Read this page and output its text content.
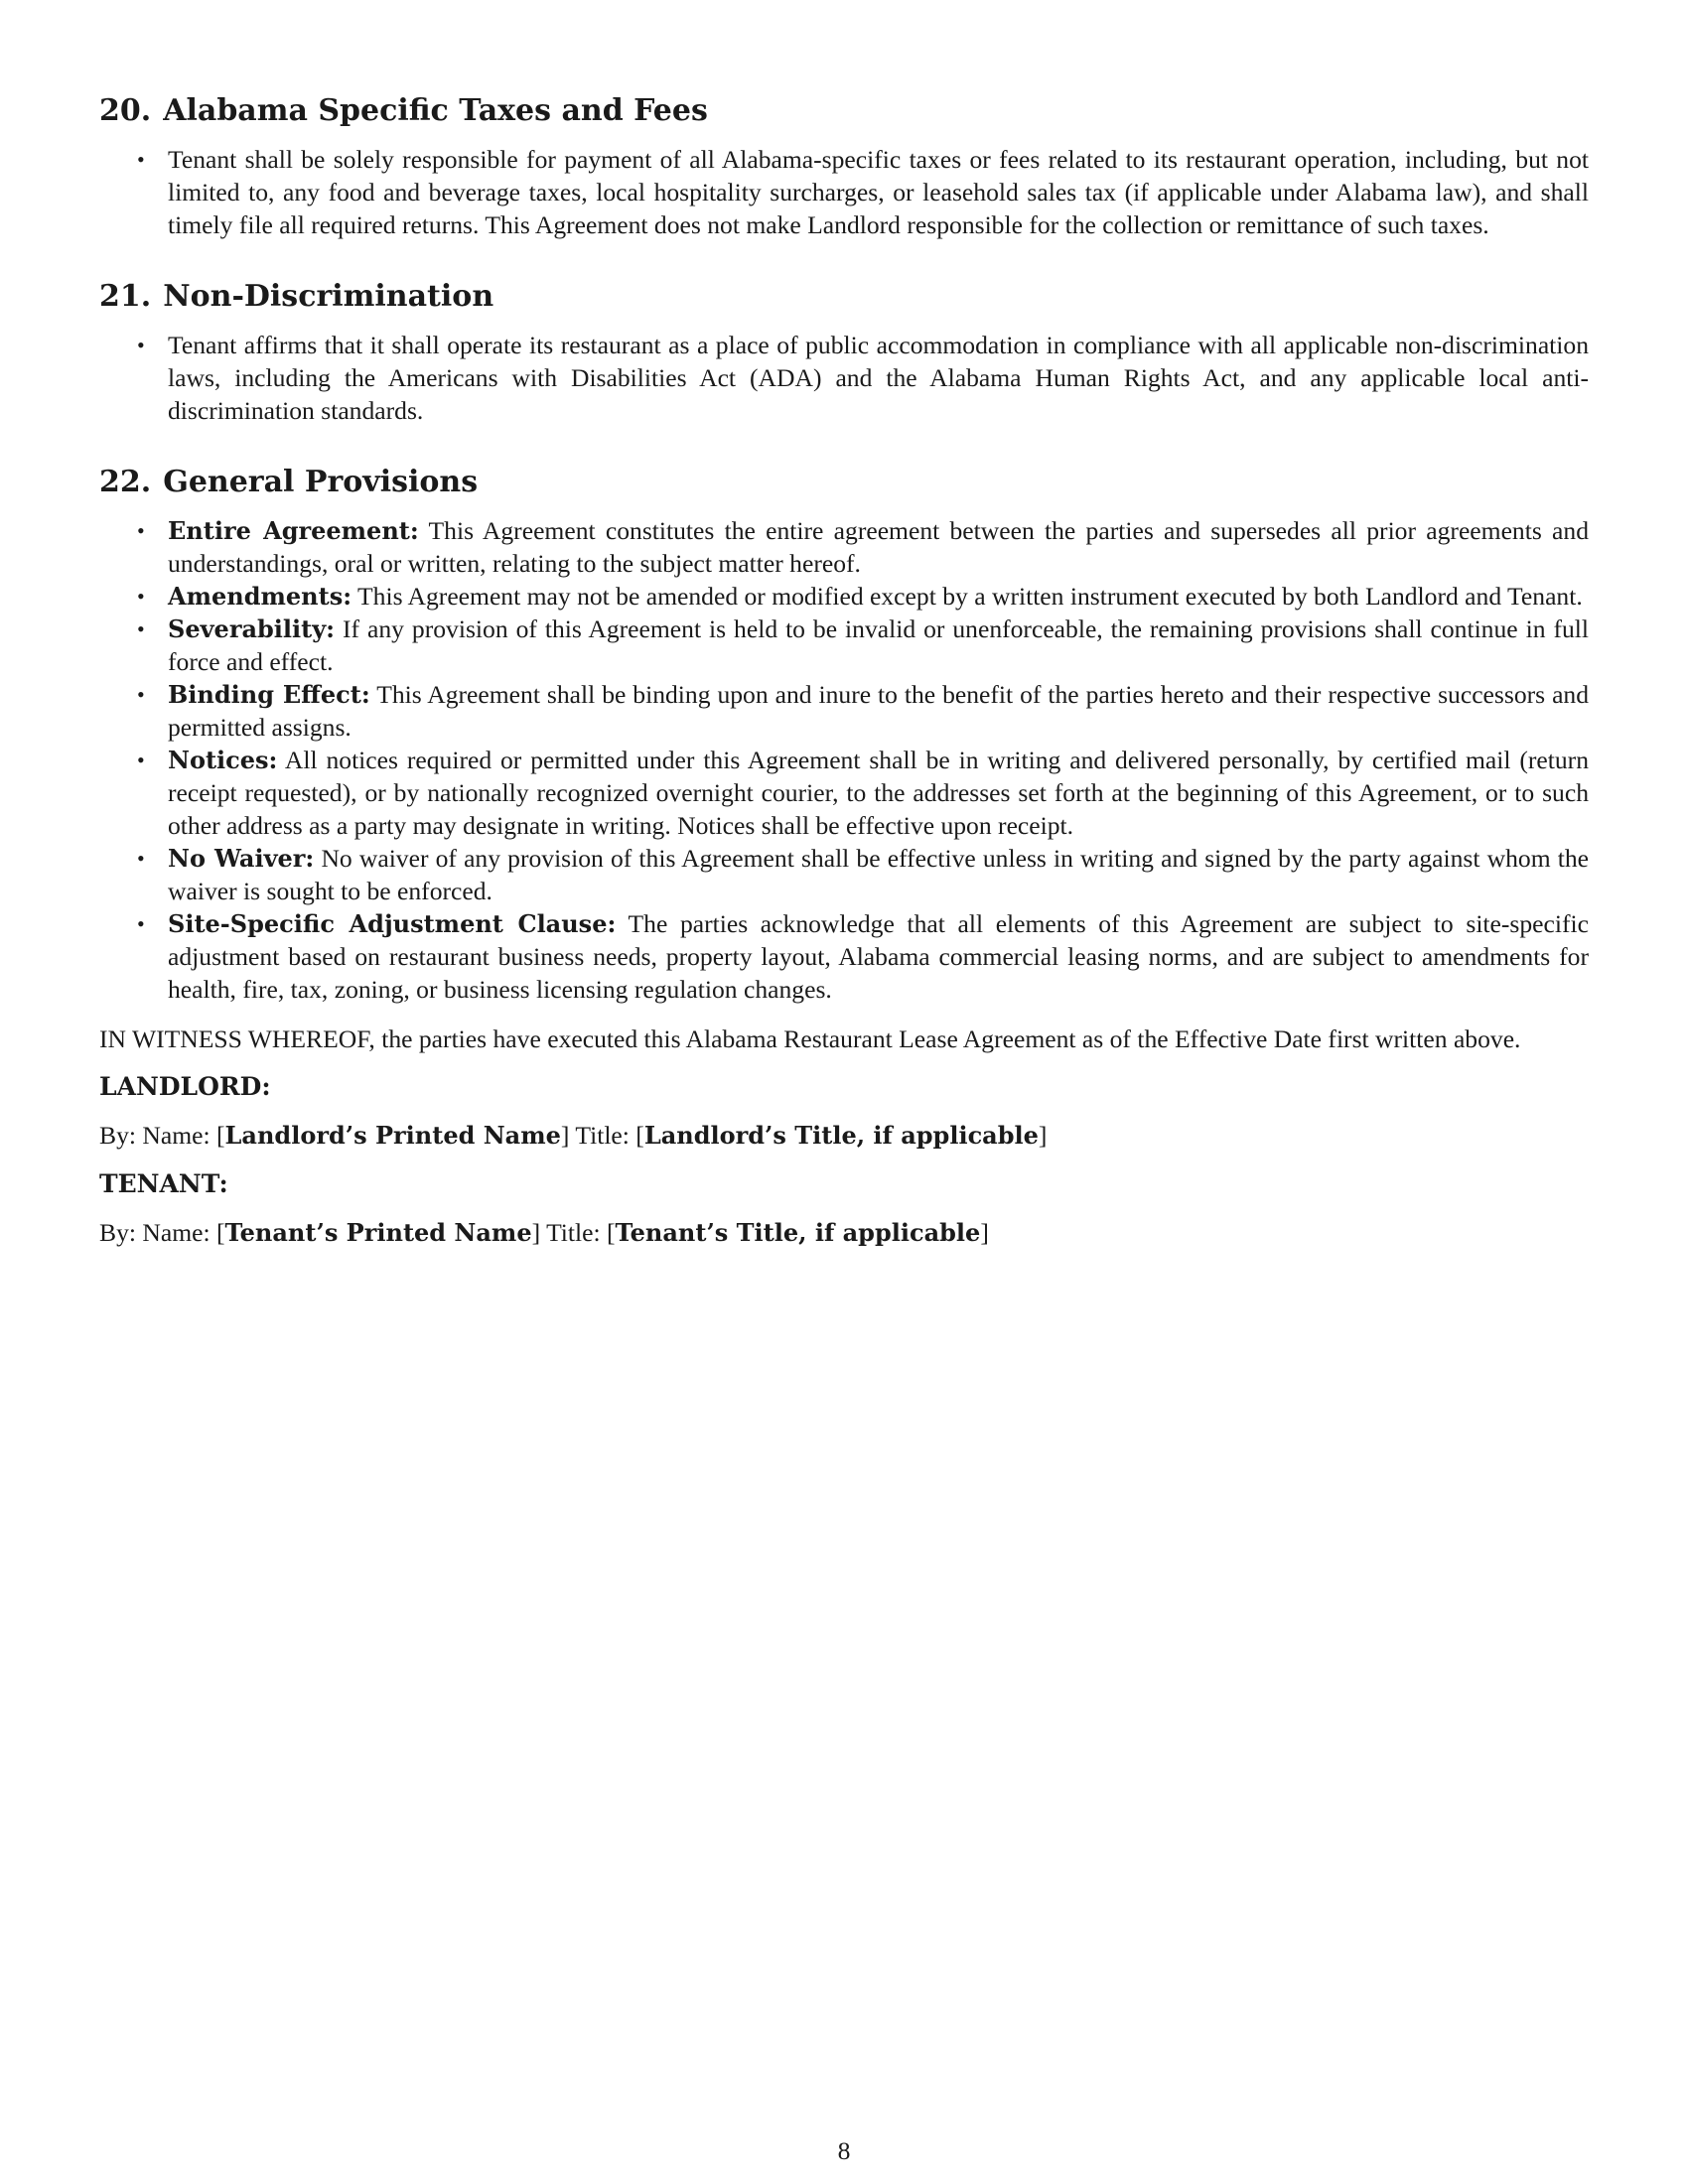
20. Alabama Specific Taxes and Fees
• Tenant shall be solely responsible for payment of all Alabama-specific taxes or fees related to its restaurant operation, including, but not limited to, any food and beverage taxes, local hospitality surcharges, or leasehold sales tax (if applicable under Alabama law), and shall timely file all required returns. This Agreement does not make Landlord responsible for the collection or remittance of such taxes.
21. Non-Discrimination
• Tenant affirms that it shall operate its restaurant as a place of public accommodation in compliance with all applicable non-discrimination laws, including the Americans with Disabilities Act (ADA) and the Alabama Human Rights Act, and any applicable local anti-discrimination standards.
22. General Provisions
• Entire Agreement: This Agreement constitutes the entire agreement between the parties and supersedes all prior agreements and understandings, oral or written, relating to the subject matter hereof.
• Amendments: This Agreement may not be amended or modified except by a written instrument executed by both Landlord and Tenant.
• Severability: If any provision of this Agreement is held to be invalid or unenforceable, the remaining provisions shall continue in full force and effect.
• Binding Effect: This Agreement shall be binding upon and inure to the benefit of the parties hereto and their respective successors and permitted assigns.
• Notices: All notices required or permitted under this Agreement shall be in writing and delivered personally, by certified mail (return receipt requested), or by nationally recognized overnight courier, to the addresses set forth at the beginning of this Agreement, or to such other address as a party may designate in writing. Notices shall be effective upon receipt.
• No Waiver: No waiver of any provision of this Agreement shall be effective unless in writing and signed by the party against whom the waiver is sought to be enforced.
• Site-Specific Adjustment Clause: The parties acknowledge that all elements of this Agreement are subject to site-specific adjustment based on restaurant business needs, property layout, Alabama commercial leasing norms, and are subject to amendments for health, fire, tax, zoning, or business licensing regulation changes.

IN WITNESS WHEREOF, the parties have executed this Alabama Restaurant Lease Agreement as of the Effective Date first written above.

LANDLORD:
By: Name: [Landlord’s Printed Name] Title: [Landlord’s Title, if applicable]
TENANT:
By: Name: [Tenant’s Printed Name] Title: [Tenant’s Title, if applicable]
8
